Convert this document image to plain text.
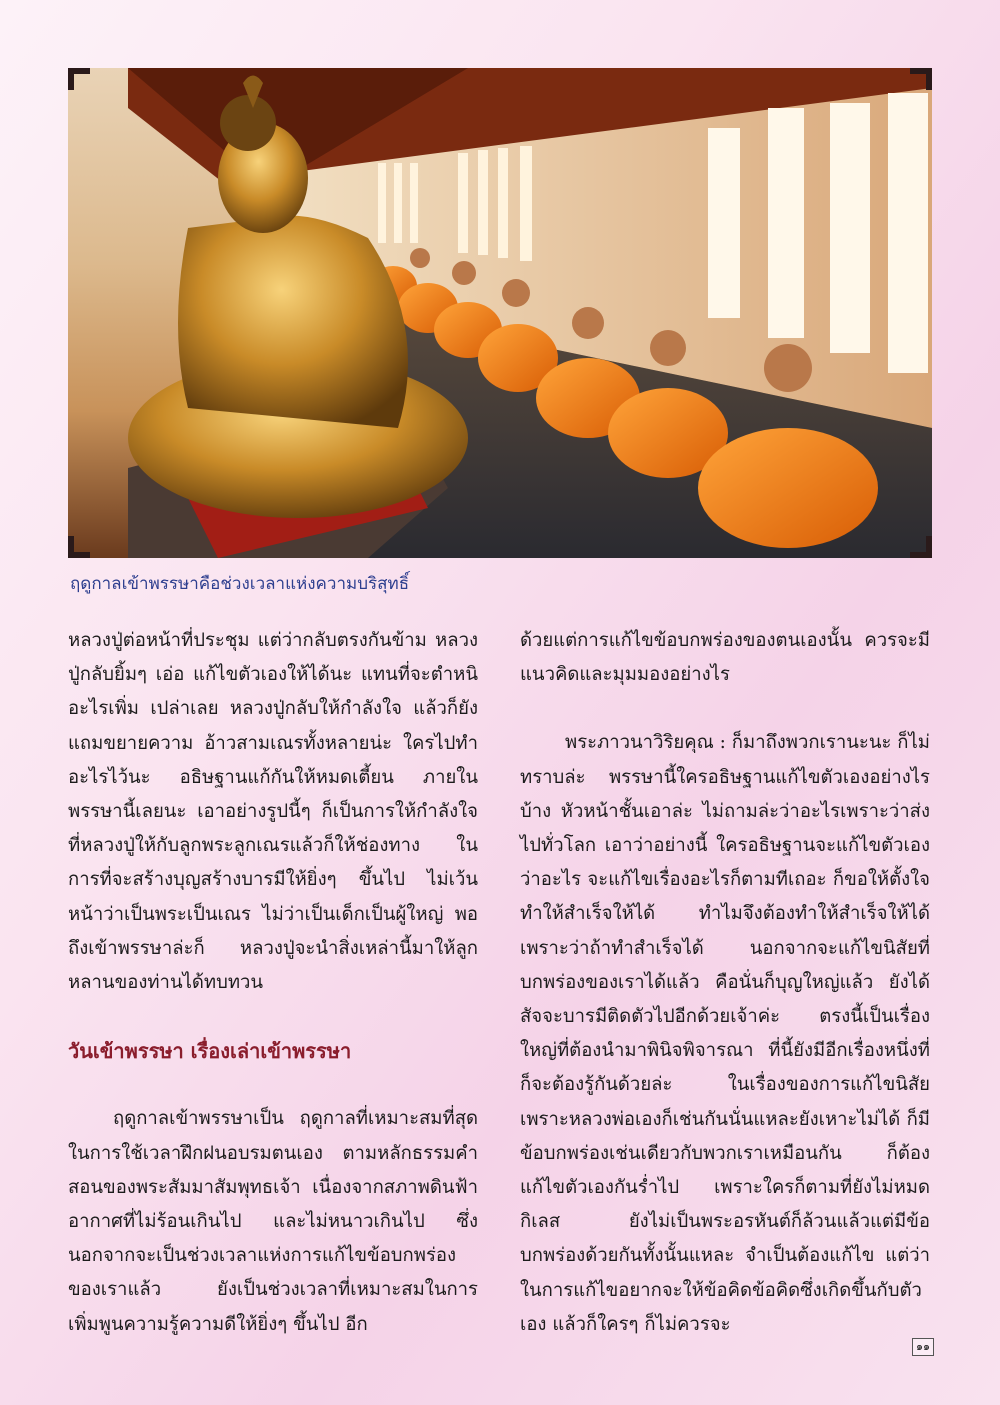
ฤดูกาลเข้าพรรษาคือช่วงเวลาแห่งความบริสุทธิ์

หลวงปู่ต่อหน้าที่ประชุม แต่ว่ากลับตรงกันข้าม หลวงปู่กลับยิ้มๆ เอ่อ แก้ไขตัวเองให้ได้นะ แทนที่จะตำหนิอะไรเพิ่ม เปล่าเลย หลวงปู่กลับให้กำลังใจ แล้วก็ยังแถมขยายความ อ้าวสามเณรทั้งหลายน่ะ ใครไปทำอะไรไว้นะ อธิษฐานแก้กันให้หมดเตี้ยน ภายในพรรษานี้เลยนะ เอาอย่างรูปนี้ๆ ก็เป็นการให้กำลังใจที่หลวงปู่ให้กับลูกพระลูกเณรแล้วก็ให้ช่องทาง ในการที่จะสร้างบุญสร้างบารมีให้ยิ่งๆ ขึ้นไป ไม่เว้นหน้าว่าเป็นพระเป็นเณร ไม่ว่าเป็นเด็กเป็นผู้ใหญ่ พอถึงเข้าพรรษาล่ะก็ หลวงปู่จะนำสิ่งเหล่านี้มาให้ลูกหลานของท่านได้ทบทวน

วันเข้าพรรษา เรื่องเล่าเข้าพรรษา

ฤดูกาลเข้าพรรษาเป็น ฤดูกาลที่เหมาะสมที่สุดในการใช้เวลาฝึกฝนอบรมตนเอง ตามหลักธรรมคำสอนของพระสัมมาสัมพุทธเจ้า เนื่องจากสภาพดินฟ้าอากาศที่ไม่ร้อนเกินไป และไม่หนาวเกินไป ซึ่งนอกจากจะเป็นช่วงเวลาแห่งการแก้ไขข้อบกพร่องของเราแล้ว ยังเป็นช่วงเวลาที่เหมาะสมในการเพิ่มพูนความรู้ความดีให้ยิ่งๆ ขึ้นไป อีก

ด้วยแต่การแก้ไขข้อบกพร่องของตนเองนั้น ควรจะมีแนวคิดและมุมมองอย่างไร

พระภาวนาวิริยคุณ : ก็มาถึงพวกเรานะนะ ก็ไม่ทราบล่ะ พรรษานี้ใครอธิษฐานแก้ไขตัวเองอย่างไรบ้าง หัวหน้าชั้นเอาล่ะ ไม่ถามล่ะว่าอะไรเพราะว่าส่งไปทั่วโลก เอาว่าอย่างนี้ ใครอธิษฐานจะแก้ไขตัวเองว่าอะไร จะแก้ไขเรื่องอะไรก็ตามทีเถอะ ก็ขอให้ตั้งใจทำให้สำเร็จให้ได้ ทำไมจึงต้องทำให้สำเร็จให้ได้ เพราะว่าถ้าทำสำเร็จได้ นอกจากจะแก้ไขนิสัยที่บกพร่องของเราได้แล้ว คือนั่นก็บุญใหญ่แล้ว ยังได้สัจจะบารมีติดตัวไปอีกด้วยเจ้าค่ะ ตรงนี้เป็นเรื่องใหญ่ที่ต้องนำมาพินิจพิจารณา ที่นี้ยังมีอีกเรื่องหนึ่งที่ก็จะต้องรู้กันด้วยล่ะ ในเรื่องของการแก้ไขนิสัย เพราะหลวงพ่อเองก็เช่นกันนั่นแหละยังเหาะไม่ได้ ก็มีข้อบกพร่องเช่นเดียวกับพวกเราเหมือนกัน ก็ต้องแก้ไขตัวเองกันร่ำไป เพราะใครก็ตามที่ยังไม่หมดกิเลส ยังไม่เป็นพระอรหันต์ก็ล้วนแล้วแต่มีข้อบกพร่องด้วยกันทั้งนั้นแหละ จำเป็นต้องแก้ไข แต่ว่าในการแก้ไขอยากจะให้ข้อคิดข้อคิดซึ่งเกิดขึ้นกับตัวเอง แล้วก็ใครๆ ก็ไม่ควรจะ

๑๑
